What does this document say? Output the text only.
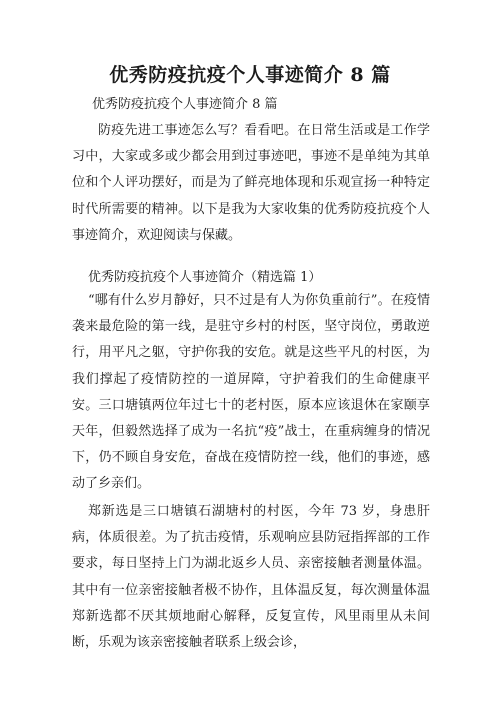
优秀防疫抗疫个人事迹简介 8 篇
优秀防疫抗疫个人事迹简介 8 篇
防疫先进工事迹怎么写？看看吧。在日常生活或是工作学习中，大家或多或少都会用到过事迹吧，事迹不是单纯为其单位和个人评功摆好，而是为了鲜亮地体现和乐观宣扬一种特定时代所需要的精神。以下是我为大家收集的优秀防疫抗疫个人事迹简介，欢迎阅读与保藏。
优秀防疫抗疫个人事迹简介（精选篇 1）
“哪有什么岁月静好，只不过是有人为你负重前行”。在疫情袭来最危险的第一线，是驻守乡村的村医，坚守岗位，勇敢逆行，用平凡之躯，守护你我的安危。就是这些平凡的村医，为我们撑起了疫情防控的一道屏障，守护着我们的生命健康平安。三口塘镇两位年过七十的老村医，原本应该退休在家颐享天年，但毅然选择了成为一名抗“疫”战士，在重病缠身的情况下，仍不顾自身安危，奋战在疫情防控一线，他们的事迹，感动了乡亲们。
郑新选是三口塘镇石湖塘村的村医，今年 73 岁，身患肝病，体质很差。为了抗击疫情，乐观响应县防冠指挥部的工作要求，每日坚持上门为湖北返乡人员、亲密接触者测量体温。其中有一位亲密接触者极不协作，且体温反复，每次测量体温郑新选都不厌其烦地耐心解释，反复宣传，风里雨里从未间断，乐观为该亲密接触者联系上级会诊，
